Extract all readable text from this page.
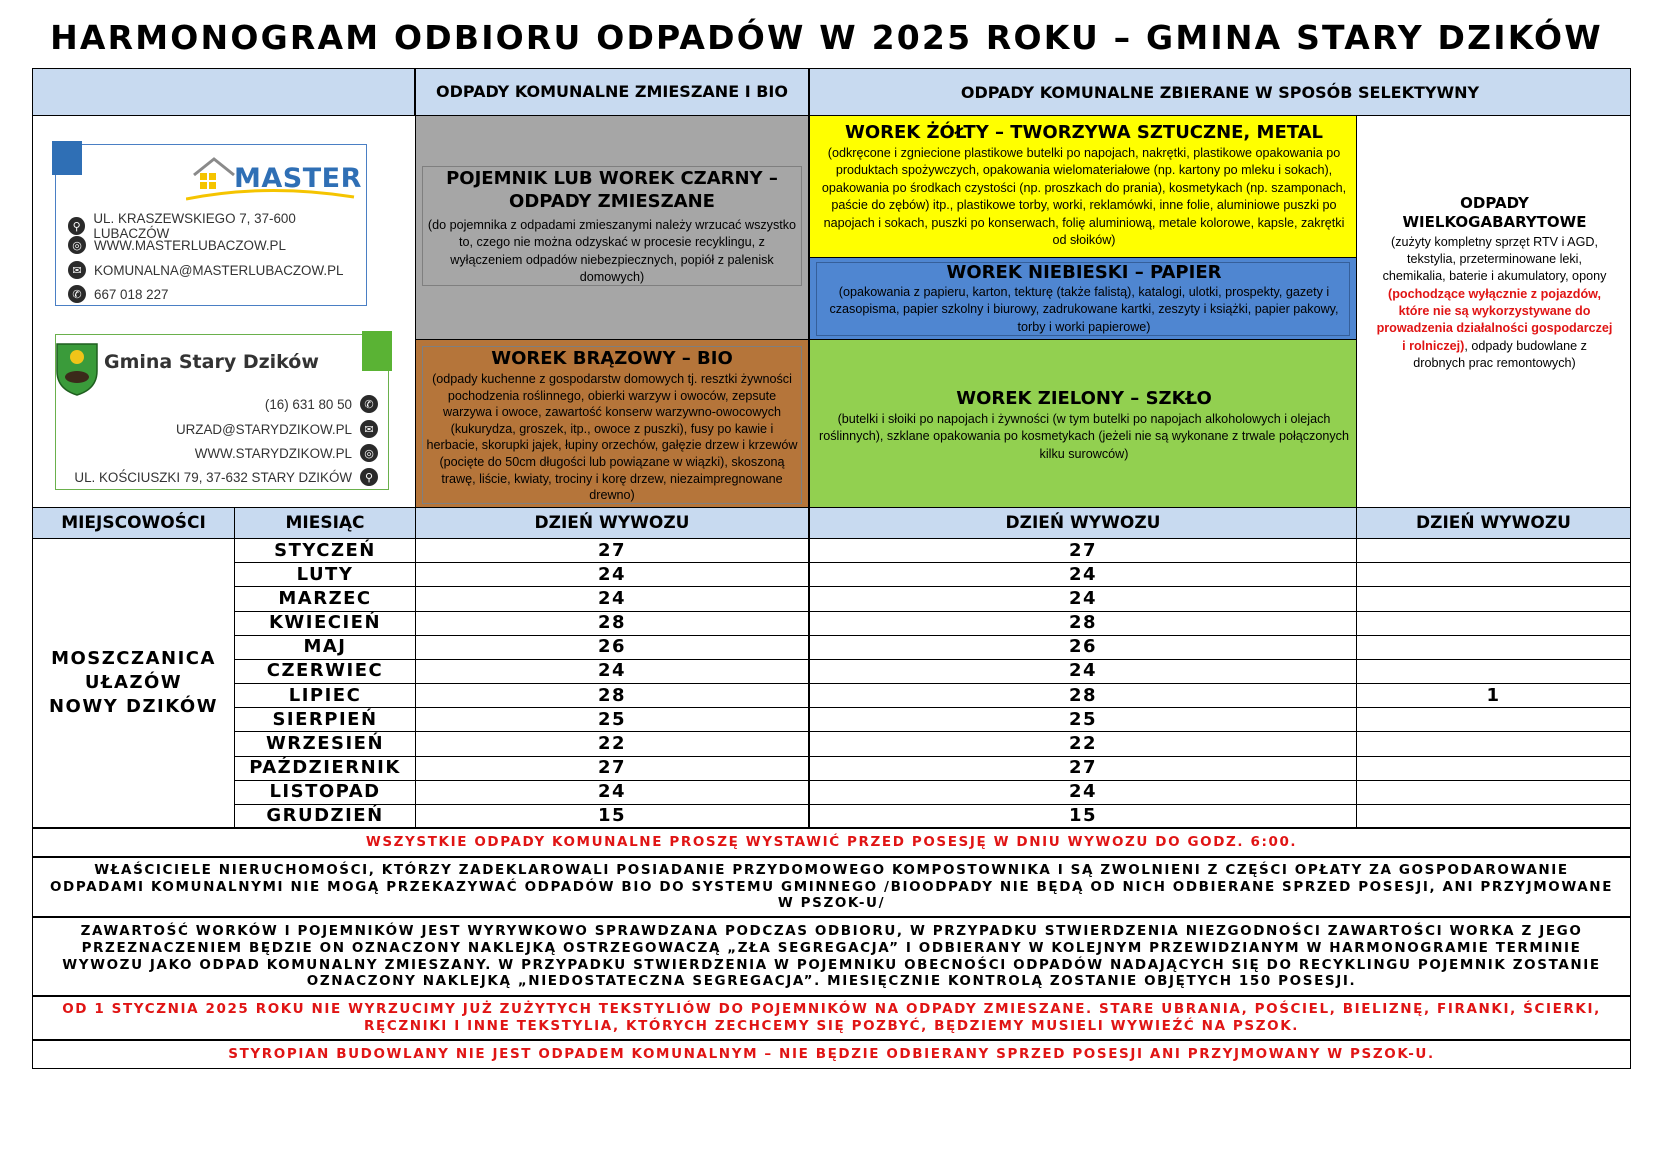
HARMONOGRAM ODBIORU ODPADÓW W 2025 ROKU – GMINA STARY DZIKÓW
ODPADY KOMUNALNE ZMIESZANE I BIO	ODPADY KOMUNALNE ZBIERANE W SPOSÓB SELEKTYWNY
MASTER
⚲
UL. KRASZEWSKIEGO 7, 37-600 LUBACZÓW
◎ WWW.MASTERLUBACZOW.PL
✉ KOMUNALNA@MASTERLUBACZOW.PL
✆ 667 018 227
Gmina Stary Dzików
(16) 631 80 50	✆
URZAD@STARYDZIKOW.PL	✉
WWW.STARYDZIKOW.PL	◎
UL. KOŚCIUSZKI 79, 37-632 STARY DZIKÓW	⚲
POJEMNIK LUB WOREK CZARNY – ODPADY ZMIESZANE
(do pojemnika z odpadami zmieszanymi należy wrzucać wszystko to, czego nie można odzyskać w procesie recyklingu, z wyłączeniem odpadów niebezpiecznych, popiół z palenisk domowych)
WOREK BRĄZOWY – BIO
(odpady kuchenne z gospodarstw domowych tj. resztki żywności pochodzenia roślinnego, obierki warzyw i owoców, zepsute warzywa i owoce, zawartość konserw warzywno-owocowych (kukurydza, groszek, itp., owoce z puszki), fusy po kawie i herbacie, skorupki jajek, łupiny orzechów, gałęzie drzew i krzewów (pocięte do 50cm długości lub powiązane w wiązki), skoszoną trawę, liście, kwiaty, trociny i korę drzew, niezaimpregnowane drewno)
WOREK ŻÓŁTY – TWORZYWA SZTUCZNE, METAL
(odkręcone i zgniecione plastikowe butelki po napojach, nakrętki, plastikowe opakowania po produktach spożywczych, opakowania wielomateriałowe (np. kartony po mleku i sokach), opakowania po środkach czystości (np. proszkach do prania), kosmetykach (np. szamponach, paście do zębów) itp., plastikowe torby, worki, reklamówki, inne folie, aluminiowe puszki po napojach i sokach, puszki po konserwach, folię aluminiową, metale kolorowe, kapsle, zakrętki od słoików)
WOREK NIEBIESKI – PAPIER
(opakowania z papieru, karton, tekturę (także falistą), katalogi, ulotki, prospekty, gazety i czasopisma, papier szkolny i biurowy, zadrukowane kartki, zeszyty i książki, papier pakowy, torby i worki papierowe)
WOREK ZIELONY – SZKŁO
(butelki i słoiki po napojach i żywności (w tym butelki po napojach alkoholowych i olejach roślinnych), szklane opakowania po kosmetykach (jeżeli nie są wykonane z trwale połączonych kilku surowców)
ODPADY WIELKOGABARYTOWE
(zużyty kompletny sprzęt RTV i AGD, tekstylia, przeterminowane leki, chemikalia, baterie i akumulatory, opony (pochodzące wyłącznie z pojazdów, które nie są wykorzystywane do prowadzenia działalności gospodarczej i rolniczej), odpady budowlane z drobnych prac remontowych)
MIEJSCOWOŚCI	MIESIĄC	DZIEŃ WYWOZU	DZIEŃ WYWOZU	DZIEŃ WYWOZU
MOSZCZANICA
UŁAZÓW
NOWY DZIKÓW
STYCZEŃ	27	27
LUTY	24	24
MARZEC	24	24
KWIECIEŃ	28	28
MAJ	26	26
CZERWIEC	24	24
LIPIEC	28	28	1
SIERPIEŃ	25	25
WRZESIEŃ	22	22
PAŹDZIERNIK	27	27
LISTOPAD	24	24
GRUDZIEŃ	15	15
WSZYSTKIE ODPADY KOMUNALNE PROSZĘ WYSTAWIĆ PRZED POSESJĘ W DNIU WYWOZU DO GODZ. 6:00.
WŁAŚCICIELE NIERUCHOMOŚCI, KTÓRZY ZADEKLAROWALI POSIADANIE PRZYDOMOWEGO KOMPOSTOWNIKA I SĄ ZWOLNIENI Z CZĘŚCI OPŁATY ZA GOSPODAROWANIE ODPADAMI KOMUNALNYMI NIE MOGĄ PRZEKAZYWAĆ ODPADÓW BIO DO SYSTEMU GMINNEGO /BIOODPADY NIE BĘDĄ OD NICH ODBIERANE SPRZED POSESJI, ANI PRZYJMOWANE W PSZOK-U/
ZAWARTOŚĆ WORKÓW I POJEMNIKÓW JEST WYRYWKOWO SPRAWDZANA PODCZAS ODBIORU, W PRZYPADKU STWIERDZENIA NIEZGODNOŚCI ZAWARTOŚCI WORKA Z JEGO PRZEZNACZENIEM BĘDZIE ON OZNACZONY NAKLEJKĄ OSTRZEGOWACZĄ „ZŁA SEGREGACJA” I ODBIERANY W KOLEJNYM PRZEWIDZIANYM W HARMONOGRAMIE TERMINIE WYWOZU JAKO ODPAD KOMUNALNY ZMIESZANY. W PRZYPADKU STWIERDZENIA W POJEMNIKU OBECNOŚCI ODPADÓW NADAJĄCYCH SIĘ DO RECYKLINGU POJEMNIK ZOSTANIE OZNACZONY NAKLEJKĄ „NIEDOSTATECZNA SEGREGACJA”. MIESIĘCZNIE KONTROLĄ ZOSTANIE OBJĘTYCH 150 POSESJI.
OD 1 STYCZNIA 2025 ROKU NIE WYRZUCIMY JUŻ ZUŻYTYCH TEKSTYLIÓW DO POJEMNIKÓW NA ODPADY ZMIESZANE. STARE UBRANIA, POŚCIEL, BIELIZNĘ, FIRANKI, ŚCIERKI, RĘCZNIKI I INNE TEKSTYLIA, KTÓRYCH ZECHCEMY SIĘ POZBYĆ, BĘDZIEMY MUSIELI WYWIEŹĆ NA PSZOK.
STYROPIAN BUDOWLANY NIE JEST ODPADEM KOMUNALNYM – NIE BĘDZIE ODBIERANY SPRZED POSESJI ANI PRZYJMOWANY W PSZOK-U.
